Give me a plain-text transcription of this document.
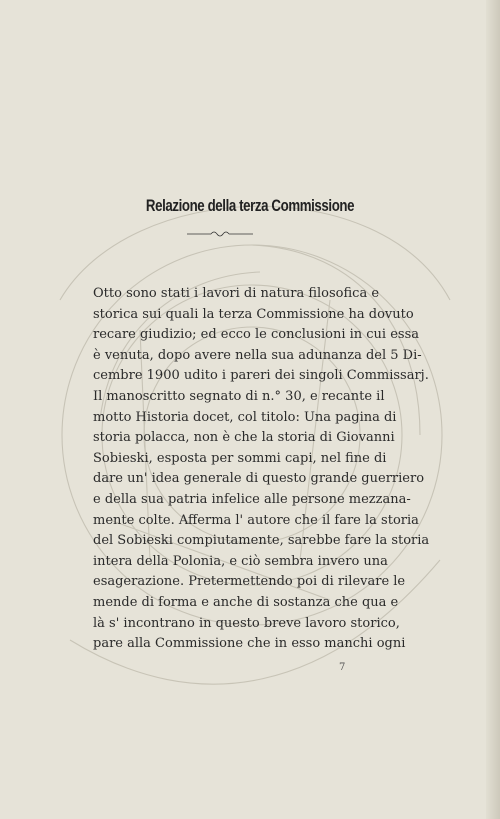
Relazione della terza Commissione
Otto sono stati i lavori di natura filosofica e
storica sui quali la terza Commissione ha dovuto
recare giudizio; ed ecco le conclusioni in cui essa
è venuta, dopo avere nella sua adunanza del 5 Di-
cembre 1900 udito i pareri dei singoli Commissarj.
Il manoscritto segnato di n.° 30, e recante il
motto Historia docet, col titolo: Una pagina di
storia polacca, non è che la storia di Giovanni
Sobieski, esposta per sommi capi, nel fine di
dare un' idea generale di questo grande guerriero
e della sua patria infelice alle persone mezzana-
mente colte. Afferma l' autore che il fare la storia
del Sobieski compiutamente, sarebbe fare la storia
intera della Polonia, e ciò sembra invero una
esagerazione. Pretermettendo poi di rilevare le
mende di forma e anche di sostanza che qua e
là s' incontrano in questo breve lavoro storico,
pare alla Commissione che in esso manchi ogni
7
